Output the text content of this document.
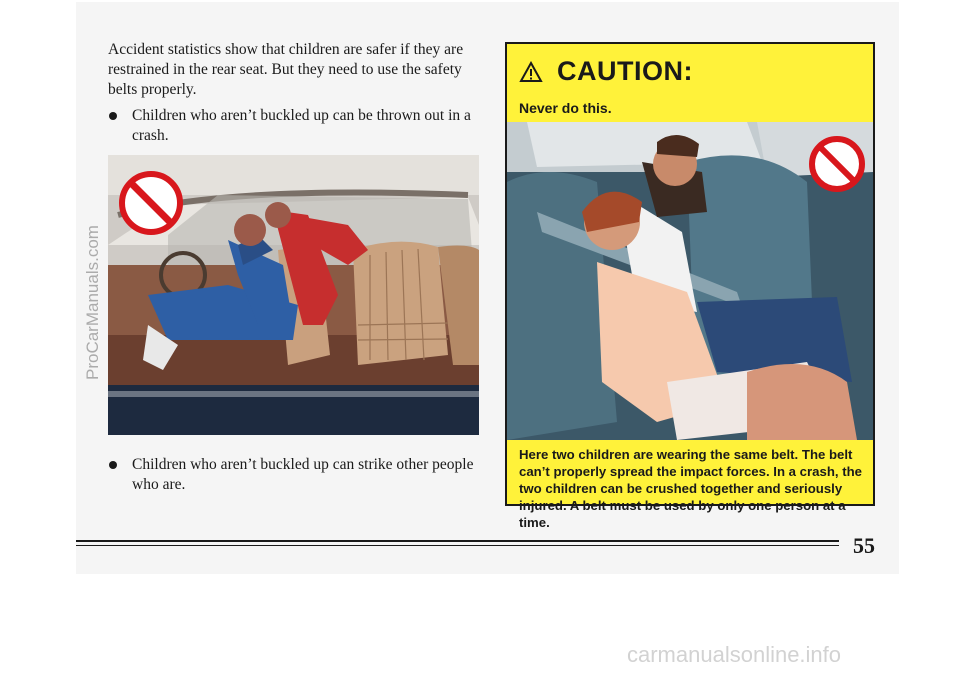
Accident statistics show that children are safer if they are restrained in the rear seat. But they need to use the safety belts properly.

Children who aren’t buckled up can be thrown out in a crash.

Children who aren’t buckled up can strike other people who are.

CAUTION:
Never do this.
Here two children are wearing the same belt. The belt can’t properly spread the impact forces. In a crash, the two children can be crushed together and seriously injured. A belt must be used by only one person at a time.
55
ProCarManuals.com
carmanualsonline.info
